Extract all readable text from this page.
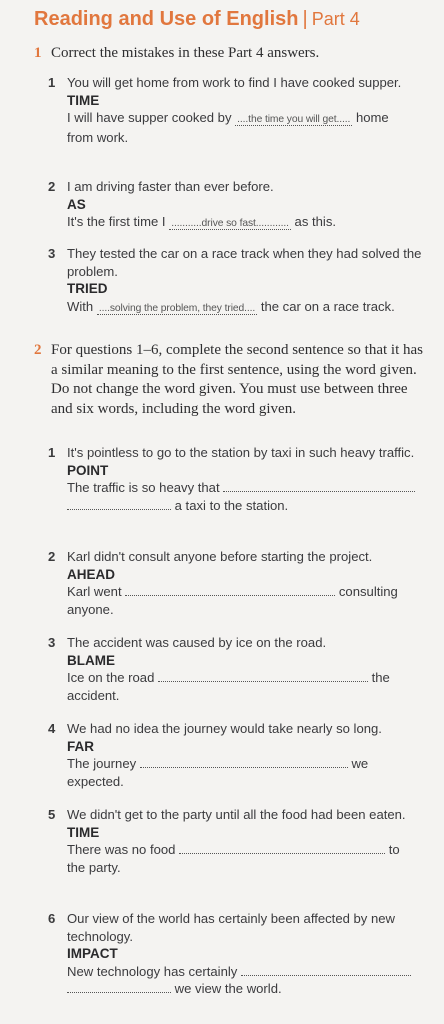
Reading and Use of English | Part 4
1 Correct the mistakes in these Part 4 answers.
1 You will get home from work to find I have cooked supper.
TIME
I will have supper cooked by ....the time you will get..... home
from work.
2 I am driving faster than ever before.
AS
It's the first time I ...........drive so fast............ as this.
3 They tested the car on a race track when they had solved the problem.
TRIED
With ....solving the problem, they tried.... the car on a race track.
2 For questions 1–6, complete the second sentence so that it has a similar meaning to the first sentence, using the word given. Do not change the word given. You must use between three and six words, including the word given.
1 It's pointless to go to the station by taxi in such heavy traffic.
POINT
The traffic is so heavy that
a taxi to the station.
2 Karl didn't consult anyone before starting the project.
AHEAD
Karl went	consulting
anyone.
3 The accident was caused by ice on the road.
BLAME
Ice on the road	the
accident.
4 We had no idea the journey would take nearly so long.
FAR
The journey	we
expected.
5 We didn't get to the party until all the food had been eaten.
TIME
There was no food	to
the party.
6 Our view of the world has certainly been affected by new technology.
IMPACT
New technology has certainly
we view the world.
